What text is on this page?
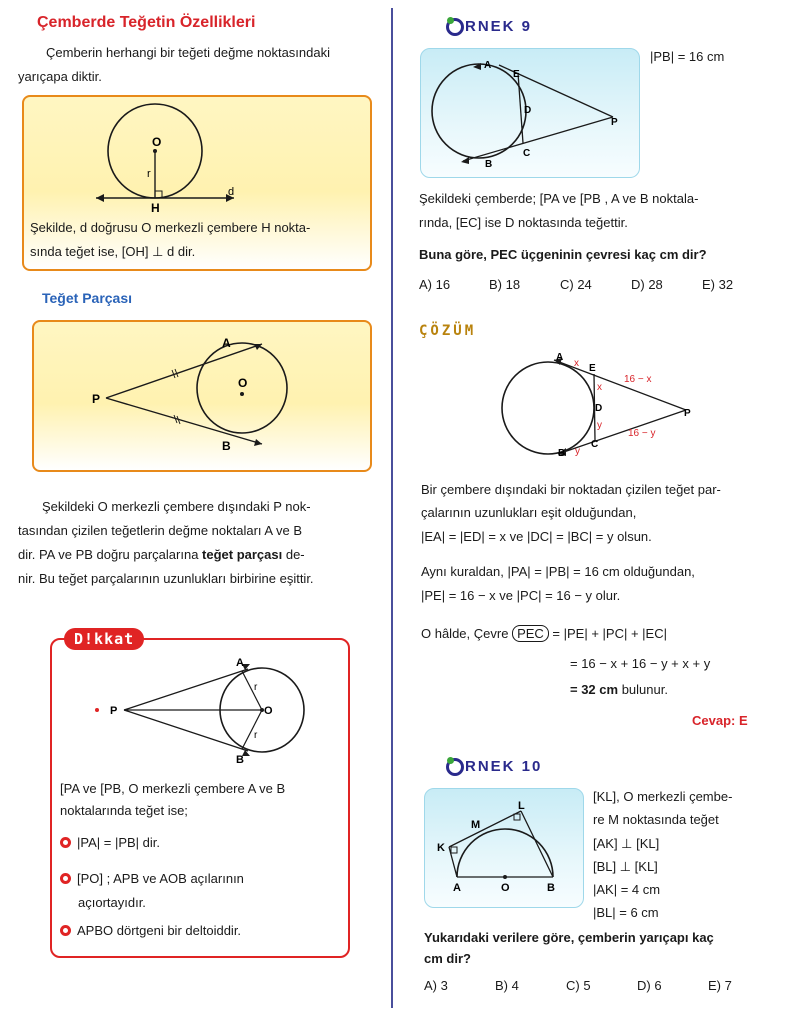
Çemberde Teğetin Özellikleri
Çemberin herhangi bir teğeti değme noktasındaki
yarıçapa diktir.
O
r
H
d
Şekilde, d doğrusu O merkezli çembere H nokta-
sında teğet ise, [OH] ⊥ d dir.
Teğet Parçası
O
A
B
P
Şekildeki O merkezli çembere dışındaki P nok-
tasından çizilen teğetlerin değme noktaları A ve B
dir. PA ve PB doğru parçalarına teğet parçası de-
nir. Bu teğet parçalarının uzunlukları birbirine eşittir.
A
B
P	O
r
r
[PA ve [PB, O merkezli çembere A ve B
noktalarında teğet ise;
|PA| = |PB| dir.
[PO] ; APB ve AOB açılarının
açıortayıdır.
APBO dörtgeni bir deltoiddir.
D!kkat
RNEK 9
A
E
D
P
C
B
|PB| = 16 cm
Şekildeki çemberde; [PA ve [PB , A ve B noktala-
rında, [EC] ise D noktasında teğettir.
Buna göre, PEC üçgeninin çevresi kaç cm dir?
A) 16	B) 18	C) 24	D) 28	E) 32
ÇÖZÜM
A
E
D	P
C
B
x
x
y
y
16 − x
16 − y
Bir çembere dışındaki bir noktadan çizilen teğet par-
çalarının uzunlukları eşit olduğundan,
|EA| = |ED| = x ve |DC| = |BC| = y olsun.
Aynı kuraldan, |PA| = |PB| = 16 cm olduğundan,
|PE| = 16 − x ve |PC| = 16 − y olur.
O hâlde, Çevre PEC = |PE| + |PC| + |EC|
= 16 − x + 16 − y + x + y
= 32 cm bulunur.
Cevap: E
RNEK 10
K
M
L
A	O	B
[KL], O merkezli çembe-
re M noktasında teğet
[AK] ⊥ [KL]
[BL] ⊥ [KL]
|AK| = 4 cm
|BL| = 6 cm
Yukarıdaki verilere göre, çemberin yarıçapı kaç
cm dir?
A) 3	B) 4	C) 5	D) 6	E) 7
